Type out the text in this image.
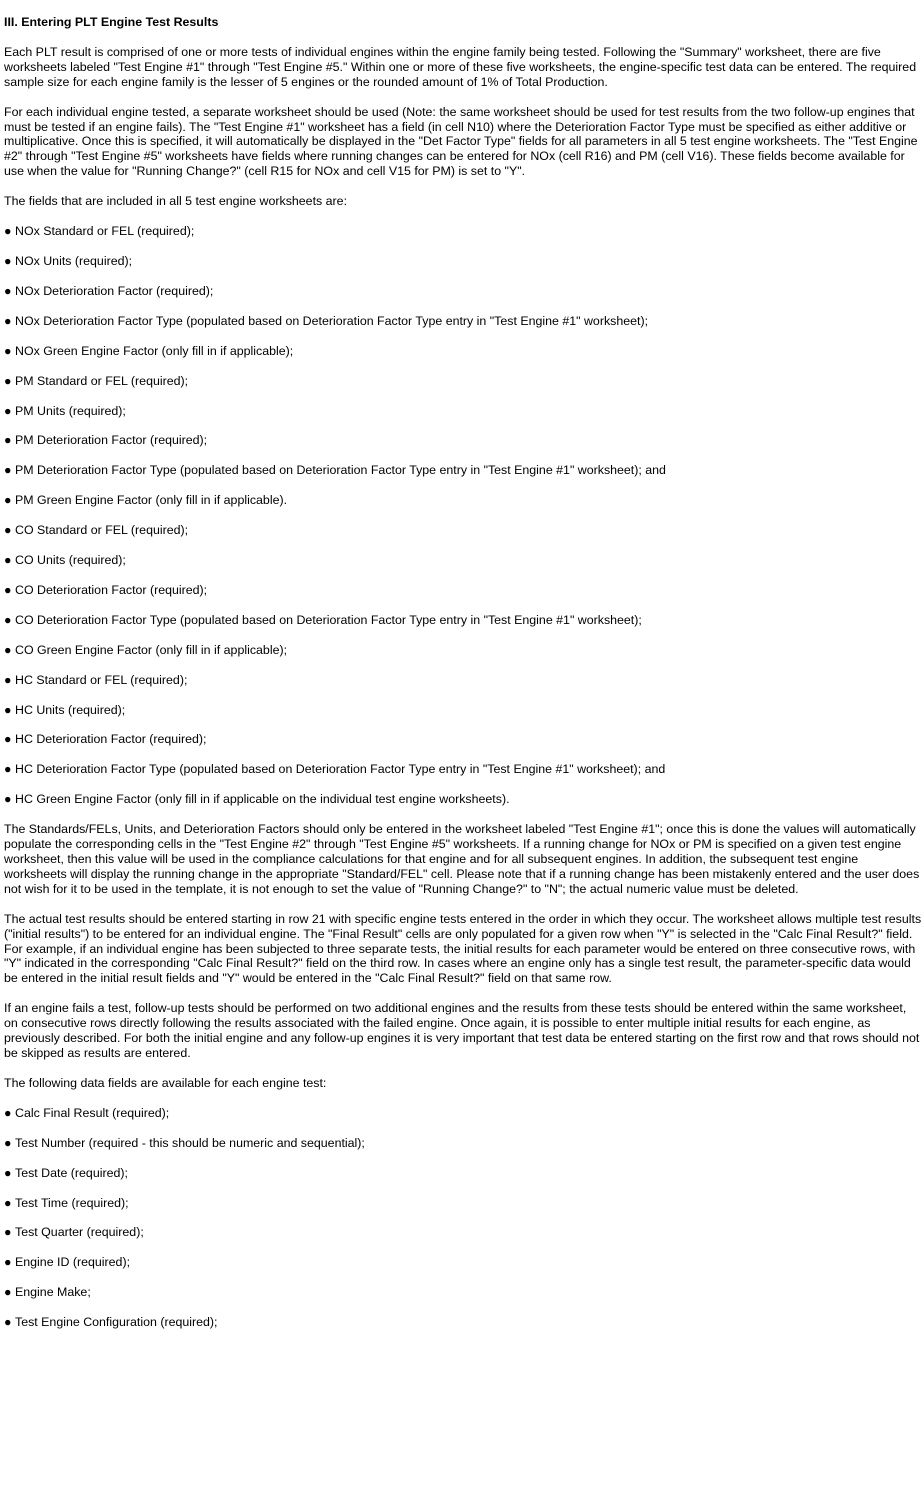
III. Entering PLT Engine Test Results

Each PLT result is comprised of one or more tests of individual engines within the engine family being tested. Following the "Summary" worksheet, there are five worksheets labeled "Test Engine #1" through "Test Engine #5." Within one or more of these five worksheets, the engine-specific test data can be entered. The required sample size for each engine family is the lesser of 5 engines or the rounded amount of 1% of Total Production.

For each individual engine tested, a separate worksheet should be used (Note: the same worksheet should be used for test results from the two follow-up engines that must be tested if an engine fails). The "Test Engine #1" worksheet has a field (in cell N10) where the Deterioration Factor Type must be specified as either additive or multiplicative. Once this is specified, it will automatically be displayed in the "Det Factor Type" fields for all parameters in all 5 test engine worksheets. The "Test Engine #2" through "Test Engine #5" worksheets have fields where running changes can be entered for NOx (cell R16) and PM (cell V16). These fields become available for use when the value for "Running Change?" (cell R15 for NOx and cell V15 for PM) is set to "Y".

The fields that are included in all 5 test engine worksheets are:

● NOx Standard or FEL (required);
● NOx Units (required);
● NOx Deterioration Factor (required);
● NOx Deterioration Factor Type (populated based on Deterioration Factor Type entry in "Test Engine #1" worksheet);
● NOx Green Engine Factor (only fill in if applicable);
● PM Standard or FEL (required);
● PM Units (required);
● PM Deterioration Factor (required);
● PM Deterioration Factor Type (populated based on Deterioration Factor Type entry in "Test Engine #1" worksheet); and
● PM Green Engine Factor (only fill in if applicable).
● CO Standard or FEL (required);
● CO Units (required);
● CO Deterioration Factor (required);
● CO Deterioration Factor Type (populated based on Deterioration Factor Type entry in "Test Engine #1" worksheet);
● CO Green Engine Factor (only fill in if applicable);
● HC Standard or FEL (required);
● HC Units (required);
● HC Deterioration Factor (required);
● HC Deterioration Factor Type (populated based on Deterioration Factor Type entry in "Test Engine #1" worksheet); and
● HC Green Engine Factor (only fill in if applicable on the individual test engine worksheets).

The Standards/FELs, Units, and Deterioration Factors should only be entered in the worksheet labeled "Test Engine #1"; once this is done the values will automatically populate the corresponding cells in the "Test Engine #2" through "Test Engine #5" worksheets. If a running change for NOx or PM is specified on a given test engine worksheet, then this value will be used in the compliance calculations for that engine and for all subsequent engines. In addition, the subsequent test engine worksheets will display the running change in the appropriate "Standard/FEL" cell. Please note that if a running change has been mistakenly entered and the user does not wish for it to be used in the template, it is not enough to set the value of "Running Change?" to "N"; the actual numeric value must be deleted.

The actual test results should be entered starting in row 21 with specific engine tests entered in the order in which they occur. The worksheet allows multiple test results ("initial results") to be entered for an individual engine. The "Final Result" cells are only populated for a given row when "Y" is selected in the "Calc Final Result?" field. For example, if an individual engine has been subjected to three separate tests, the initial results for each parameter would be entered on three consecutive rows, with "Y" indicated in the corresponding "Calc Final Result?" field on the third row. In cases where an engine only has a single test result, the parameter-specific data would be entered in the initial result fields and "Y" would be entered in the "Calc Final Result?" field on that same row.

If an engine fails a test, follow-up tests should be performed on two additional engines and the results from these tests should be entered within the same worksheet, on consecutive rows directly following the results associated with the failed engine. Once again, it is possible to enter multiple initial results for each engine, as previously described. For both the initial engine and any follow-up engines it is very important that test data be entered starting on the first row and that rows should not be skipped as results are entered.

The following data fields are available for each engine test:

● Calc Final Result (required);
● Test Number (required - this should be numeric and sequential);
● Test Date (required);
● Test Time (required);
● Test Quarter (required);
● Engine ID (required);
● Engine Make;
● Test Engine Configuration (required);
